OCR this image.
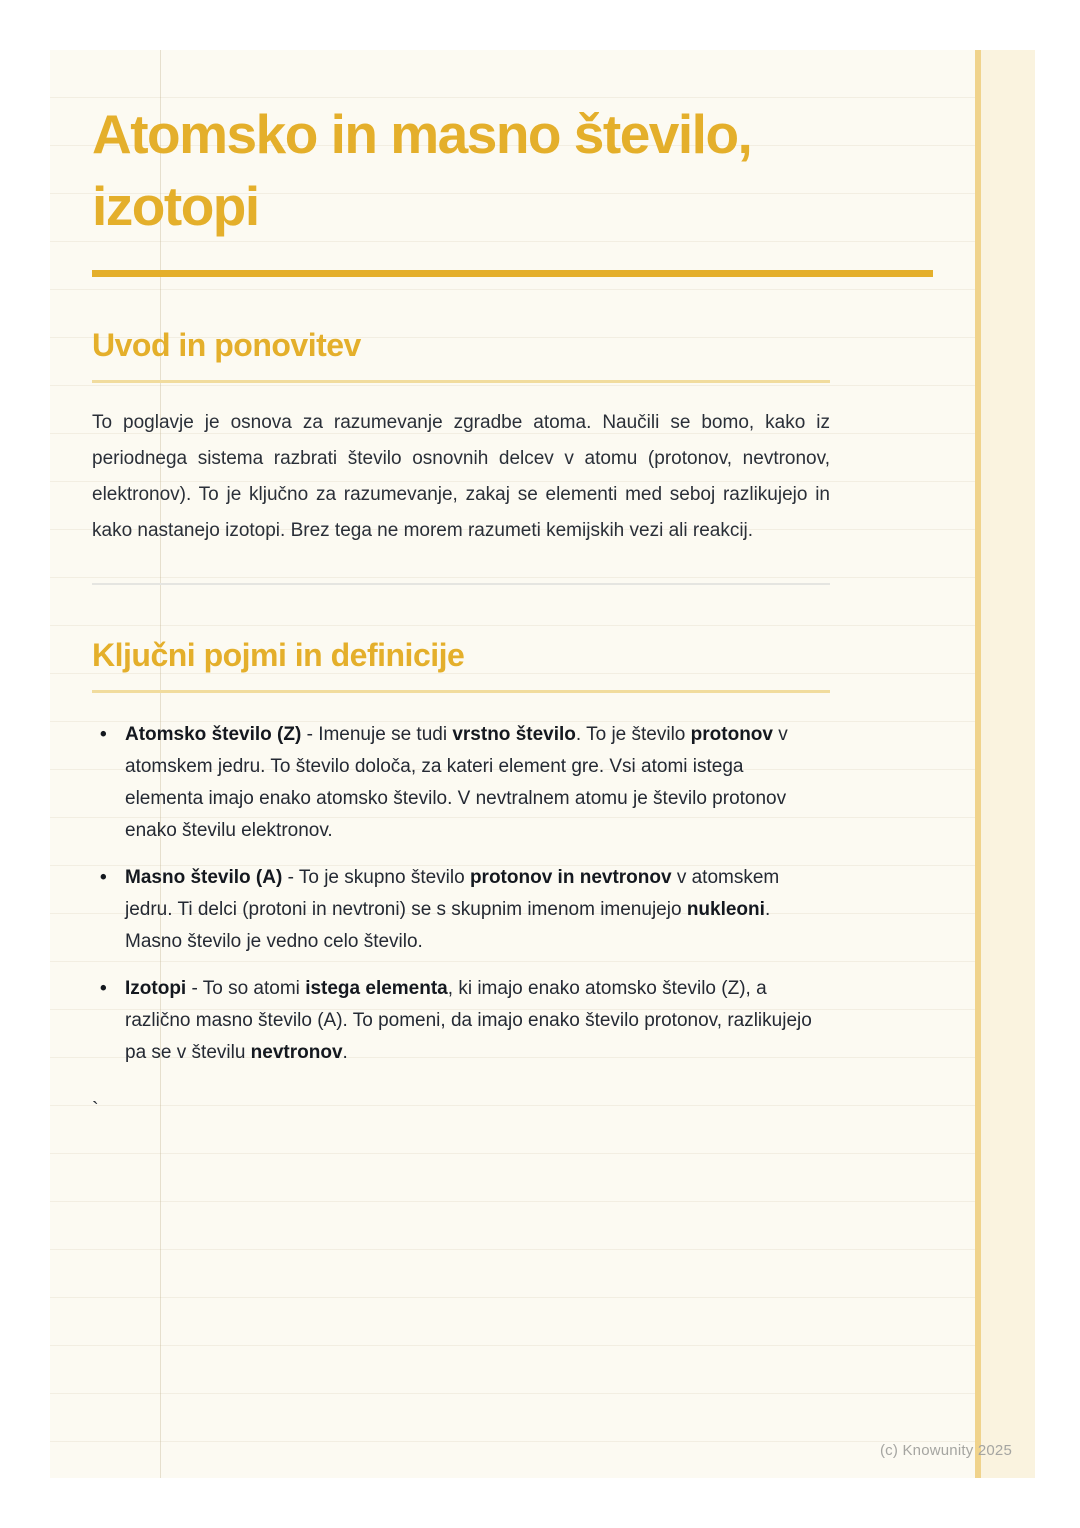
Atomsko in masno število,
izotopi
Uvod in ponovitev

To poglavje je osnova za razumevanje zgradbe atoma. Naučili se bomo, kako iz periodnega sistema razbrati število osnovnih delcev v atomu (protonov, nevtronov, elektronov). To je ključno za razumevanje, zakaj se elementi med seboj razlikujejo in kako nastanejo izotopi. Brez tega ne morem razumeti kemijskih vezi ali reakcij.

Ključni pojmi in definicije
• Atomsko število (Z) - Imenuje se tudi vrstno število. To je število protonov v atomskem jedru. To število določa, za kateri element gre. Vsi atomi istega elementa imajo enako atomsko število. V nevtralnem atomu je število protonov enako številu elektronov.
• Masno število (A) - To je skupno število protonov in nevtronov v atomskem jedru. Ti delci (protoni in nevtroni) se s skupnim imenom imenujejo nukleoni. Masno število je vedno celo število.
• Izotopi - To so atomi istega elementa, ki imajo enako atomsko število (Z), a različno masno število (A). To pomeni, da imajo enako število protonov, razlikujejo pa se v številu nevtronov.
`
(c) Knowunity 2025
